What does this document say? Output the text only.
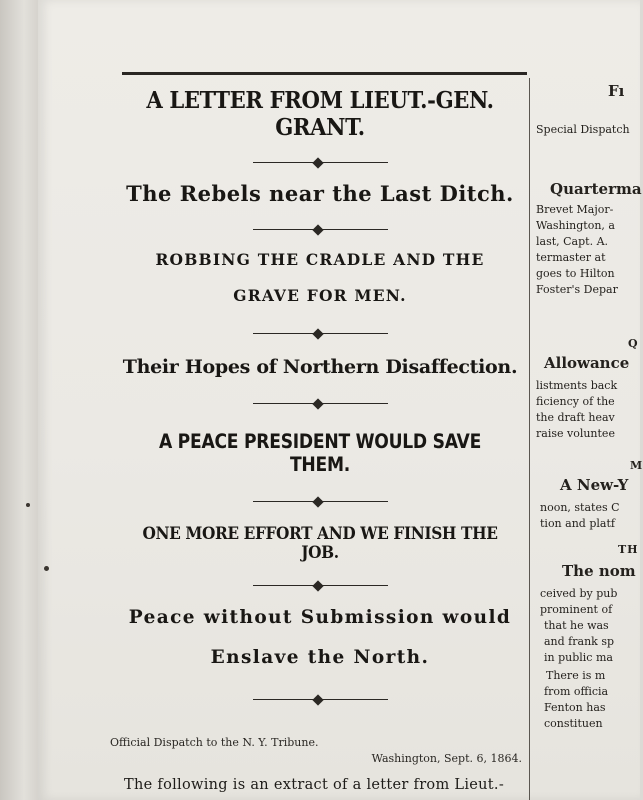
A LETTER FROM LIEUT.-GEN. GRANT.
The Rebels near the Last Ditch.

ROBBING THE CRADLE AND THE

GRAVE FOR MEN.

Their Hopes of Northern Disaffection.

A PEACE PRESIDENT WOULD SAVE THEM.

ONE MORE EFFORT AND WE FINISH THE JOB.

Peace without Submission would

Enslave the North.

Official Dispatch to the N. Y. Tribune.
Washington, Sept. 6, 1864.
The following is an extract of a letter from Lieut.-
Fı
Special Dispatch
Quarterma
Brevet Major-
Washington, a
last, Capt. A.
termaster at
goes to Hilton
Foster's Depar
Q
Allowance
listments back
ficiency of the
the draft heav
raise voluntee
M
A New-Y
noon, states C
tion and platf
TH
The nom
ceived by pub
prominent of
that he was
and frank sp
in public ma
There is m
from officia
Fenton has
constituen
